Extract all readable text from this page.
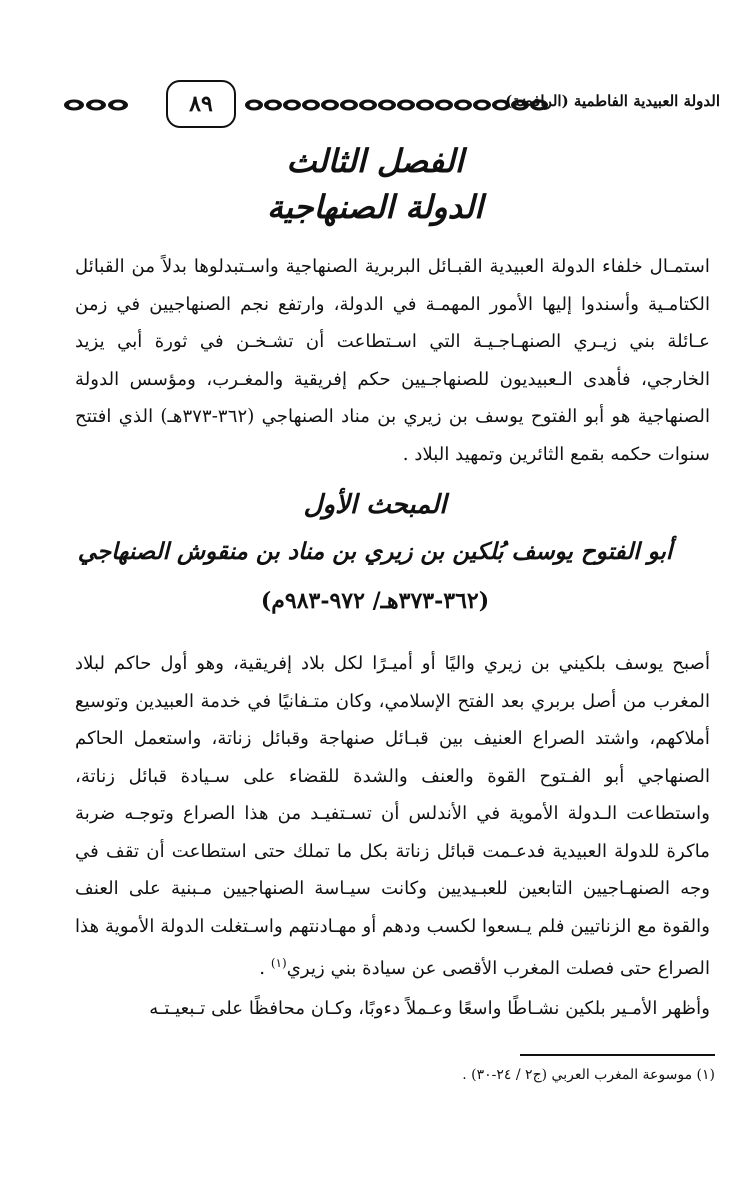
٨٩	الدولة العبيدية الفاطمية (الرافضة)
الفصل الثالث
الدولة الصنهاجية
استمـال خلفاء الدولة العبيدية القبـائل البربرية الصنهاجية واسـتبدلوها بدلاً من القبائل الكتامـية وأسندوا إليها الأمور المهمـة في الدولة، وارتفع نجم الصنهاجيين في زمن عـائلة بني زيـري الصنهـاجـيـة التي اسـتطاعت أن تشـخـن في ثورة أبي يزيد الخارجي، فأهدى الـعبيديون للصنهاجـيين حكم إفريقية والمغـرب، ومؤسس الدولة الصنهاجية هو أبو الفتوح يوسف بن زيري بن مناد الصنهاجي (٣٦٢-٣٧٣هـ) الذي افتتح سنوات حكمه بقمع الثائرين وتمهيد البلاد .
المبحث الأول
أبو الفتوح يوسف بُلكين بن زيري بن مناد بن منقوش الصنهاجي
(٣٦٢-٣٧٣هـ/ ٩٧٢-٩٨٣م)
أصبح يوسف بلكيني بن زيري واليًا أو أميـرًا لكل بلاد إفريقية، وهو أول حاكم لبلاد المغرب من أصل بربري بعد الفتح الإسلامي، وكان متـفانيًا في خدمة العبيدين وتوسيع أملاكهم، واشتد الصراع العنيف بين قبـائل صنهاجة وقبائل زناتة، واستعمل الحاكم الصنهاجي أبو الفـتوح القوة والعنف والشدة للقضاء على سـيادة قبائل زناتة، واستطاعت الـدولة الأموية في الأندلس أن تسـتفيـد من هذا الصراع وتوجـه ضربة ماكرة للدولة العبيدية فدعـمت قبائل زناتة بكل ما تملك حتى استطاعت أن تقف في وجه الصنهـاجيين التابعين للعبـيديين وكانت سيـاسة الصنهاجيين مـبنية على العنف والقوة مع الزناتيين فلم يـسعوا لكسب ودهم أو مهـادنتهم واسـتغلت الدولة الأموية هذا الصراع حتى فصلت المغرب الأقصى عن سيادة بني زيري$^{(١)}$ .
وأظهر الأمـير بلكين نشـاطًا واسعًا وعـملاً دءوبًا، وكـان محافظًا على تـبعيـتـه
(١) موسوعة المغرب العربي (ج٢ / ٢٤-٣٠) .
